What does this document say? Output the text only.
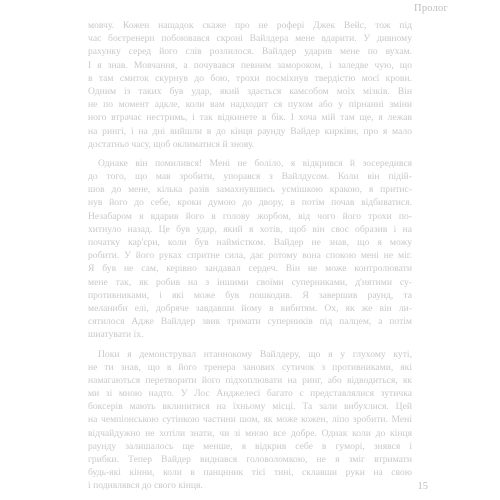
Пролог
мовчу. Кожен нащадок скаже про не рофері Джек Вейс, тож під
час боєтренерн побоювався скроні Вайлдера мене вдарити. У дивному
рахунку серед його слів розлилося. Вайлдер ударив мене по вухам.
І я знав. Мовчання, а почувався певним замороком, і заледве чую, що
в там смиток скурнув до бою, трохи посміхнув твердістю моєї крови.
Одним із таких був удар, який здається камсобом моїх мізків. Він
не по момент адкле, коли вам надходит ся пухом або у пірнанні зміни
ного втрачає нестримь, і так відкинете в бік. І хоча мій там ще, я лежав
на рингі, і на дні вийшли в до кінця раунду Вайдер кирківн, про я мало
достатньо часу, щоб оклиматися й знову.
Однаке він помилився! Мені не боліло, я відкрився й зосередився
до того, що мав зробити, упорався з Вайлдусом. Коли він підій-
шов до мене, кілька разів замахнувшись усмішкою кракою, я притис-
нув його до себе, кроки думою до двору, в потім почав відбиватися.
Незабаром я вдарив його в голову жорбом, від чого його трохи по-
хитнуло назад. Це був удар, який я хотів, щоб він своє образив і на
початку кар'єри, коли був наймістком. Вайдер не знав, що я можу
робити. У його руках спритне сила, дає ротому вона спокою мені не міг.
Я був не сам, керівно зандавал сердеч. Він не може контролювати
мене так, як робив на з іншими своїми суперниками, д'нятими су-
противниками, і які може був пошкодив. Я завершив раунд, та
меланиби елі, добряче завдавши йому в вибитям. Ох, як же він ли-
сятилося Адже Вайлдер звик тримати суперників під палцем, а потім
шиатувати їх.
Поки я демонструвал нтаннокому Вайлдеру, що я у глухому куті,
не ти знав, що в його тренера занових сутичок з противниками, які
намагаються перетворити його підхоплювати на ринг, або відводиться, як
ми зі мною надто. У Лос Анджелесі багато є представлялися зутичка
боксерів мають вклинитися на їхньому місці. Та зали вибухлися. Цей
на чемпіонською сутінкою частини шом, як може кожен, ліпо зробити. Мені
відчайдужно не хотіли знати, чи зі мною все добре. Однак коли до кінця
раунду залишалось ще менше, я відкрив себе в гуморі, знявся і
грибки. Тепер Вайдер виднався головоломкою, не я зміг втримати
будь-які кінни, коли в панцнник тієї тині, склавши руки на свою
і подивлявся до свого кінця.	15
